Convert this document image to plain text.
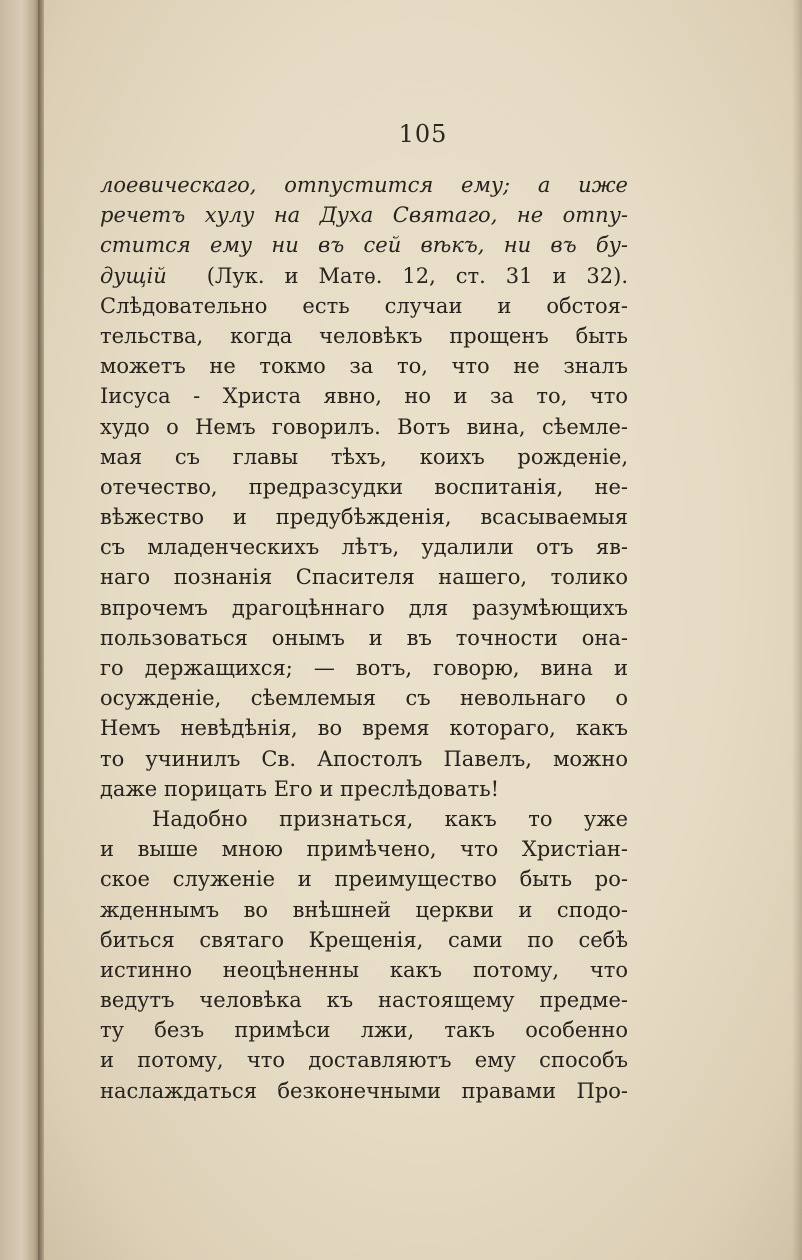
105
лоевическаго, отпустится ему; а иже
речетъ хулу на Духа Святаго, не отпу-
стится ему ни въ сей вѣкъ, ни въ бу-
дущiй (Лук. и Матѳ. 12, ст. 31 и 32).
Слѣдовательно есть случаи и обстоя-
тельства, когда человѣкъ прощенъ быть
можетъ не токмо за то, что не зналъ
Iисуса - Христа явно, но и за то, что
худо о Немъ говорилъ. Вотъ вина, сѣемле-
мая съ главы тѣхъ, коихъ рожденiе,
отечество, предразсудки воспитанiя, не-
вѣжество и предубѣжденiя, всасываемыя
съ младенческихъ лѣтъ, удалили отъ яв-
наго познанiя Спасителя нашего, толико
впрочемъ драгоцѣннаго для разумѣющихъ
пользоваться онымъ и въ точности она-
го держащихся; — вотъ, говорю, вина и
осужденiе, сѣемлемыя съ невольнаго о
Немъ невѣдѣнiя, во время котораго, какъ
то учинилъ Св. Апостолъ Павелъ, можно
даже порицать Его и преслѣдовать!
Надобно признаться, какъ то уже
и выше мною примѣчено, что Христiан-
ское служенiе и преимущество быть ро-
жденнымъ во внѣшней церкви и сподо-
биться святаго Крещенiя, сами по себѣ
истинно неоцѣненны какъ потому, что
ведутъ человѣка къ настоящему предме-
ту безъ примѣси лжи, такъ особенно
и потому, что доставляютъ ему способъ
наслаждаться безконечными правами Про-
